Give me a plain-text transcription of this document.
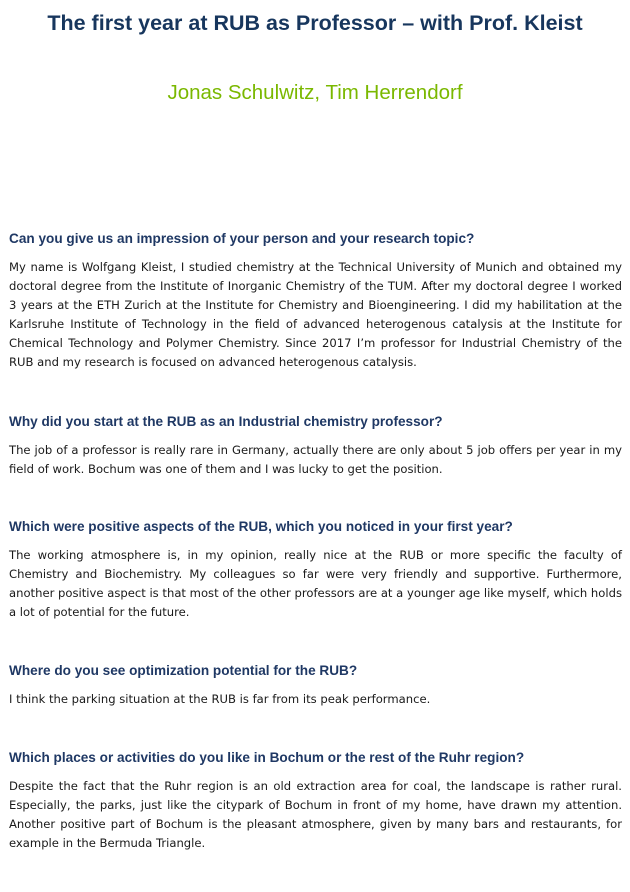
The first year at RUB as Professor – with Prof. Kleist

Jonas Schulwitz, Tim Herrendorf

Can you give us an impression of your person and your research topic?

My name is Wolfgang Kleist, I studied chemistry at the Technical University of Munich and obtained my doctoral degree from the Institute of Inorganic Chemistry of the TUM. After my doctoral degree I worked 3 years at the ETH Zurich at the Institute for Chemistry and Bioengineering. I did my habilitation at the Karlsruhe Institute of Technology in the field of advanced heterogenous catalysis at the Institute for Chemical Technology and Polymer Chemistry. Since 2017 I’m professor for Industrial Chemistry of the RUB and my research is focused on advanced heterogenous catalysis.

Why did you start at the RUB as an Industrial chemistry professor?

The job of a professor is really rare in Germany, actually there are only about 5 job offers per year in my field of work. Bochum was one of them and I was lucky to get the position.

Which were positive aspects of the RUB, which you noticed in your first year?

The working atmosphere is, in my opinion, really nice at the RUB or more specific the faculty of Chemistry and Biochemistry. My colleagues so far were very friendly and supportive. Furthermore, another positive aspect is that most of the other professors are at a younger age like myself, which holds a lot of potential for the future.

Where do you see optimization potential for the RUB?

I think the parking situation at the RUB is far from its peak performance.

Which places or activities do you like in Bochum or the rest of the Ruhr region?

Despite the fact that the Ruhr region is an old extraction area for coal, the landscape is rather rural. Especially, the parks, just like the citypark of Bochum in front of my home, have drawn my attention. Another positive part of Bochum is the pleasant atmosphere, given by many bars and restaurants, for example in the Bermuda Triangle.
